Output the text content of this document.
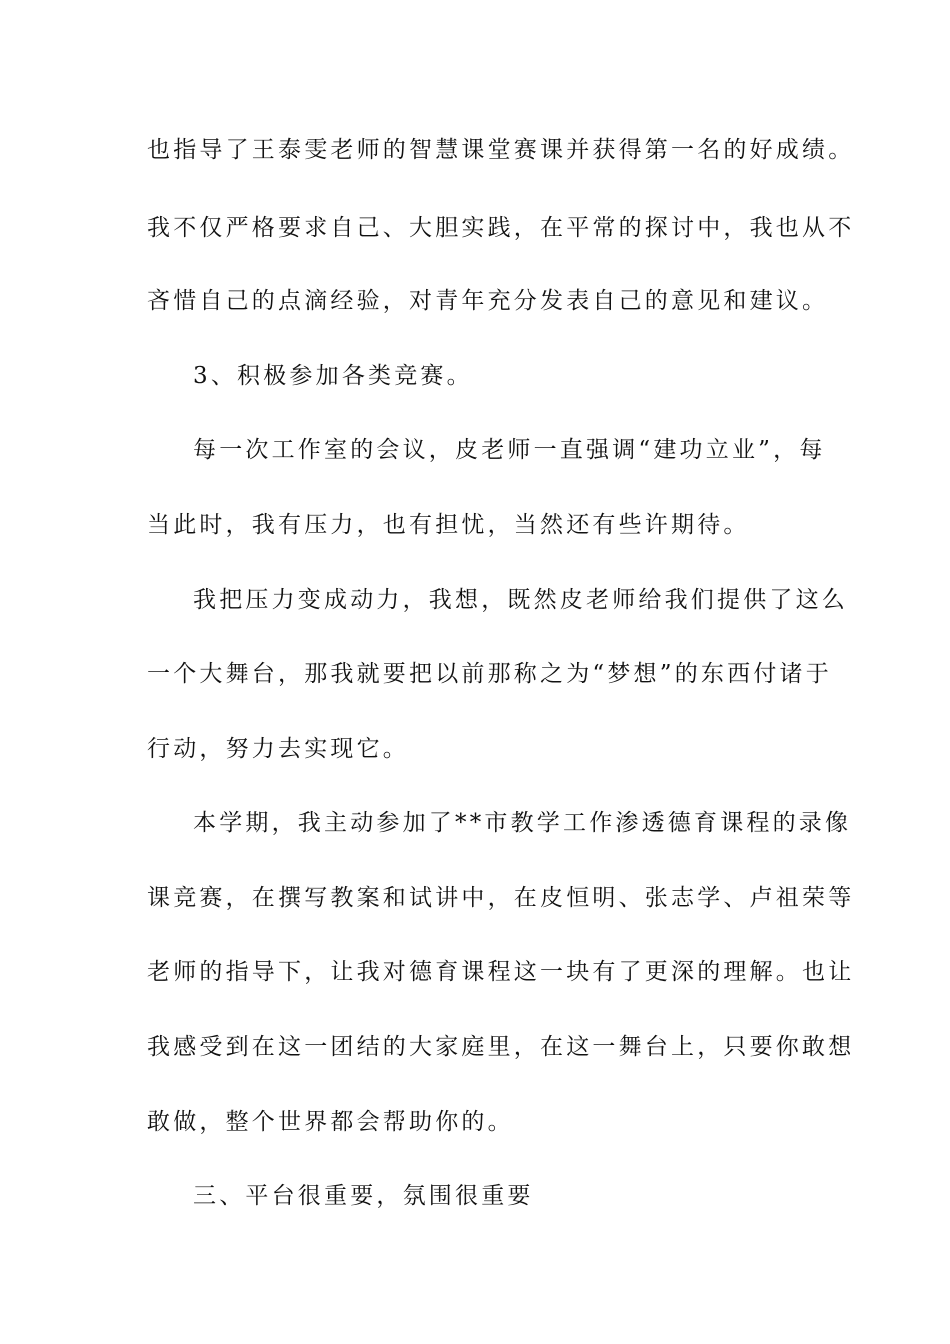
也指导了王泰雯老师的智慧课堂赛课并获得第一名的好成绩。
我不仅严格要求自己、大胆实践，在平常的探讨中，我也从不
吝惜自己的点滴经验，对青年充分发表自己的意见和建议。
3、积极参加各类竞赛。
每一次工作室的会议，皮老师一直强调“建功立业”，每
当此时，我有压力，也有担忧，当然还有些许期待。
我把压力变成动力，我想，既然皮老师给我们提供了这么
一个大舞台，那我就要把以前那称之为“梦想”的东西付诸于
行动，努力去实现它。
本学期，我主动参加了**市教学工作渗透德育课程的录像
课竞赛，在撰写教案和试讲中，在皮恒明、张志学、卢祖荣等
老师的指导下，让我对德育课程这一块有了更深的理解。也让
我感受到在这一团结的大家庭里，在这一舞台上，只要你敢想
敢做，整个世界都会帮助你的。
三、平台很重要，氛围很重要
